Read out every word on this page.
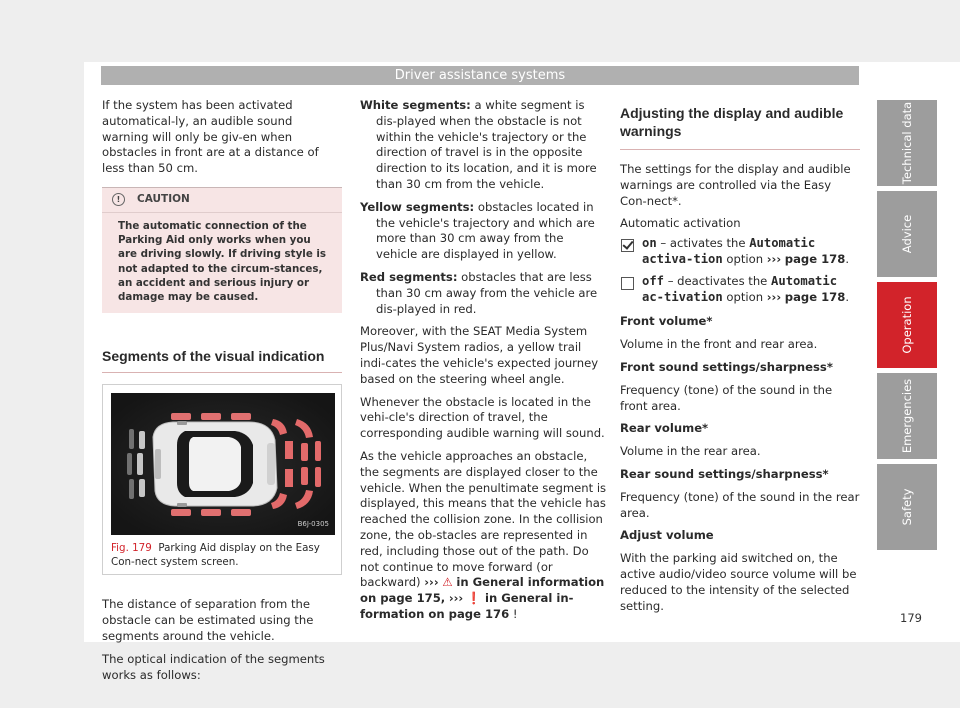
Driver assistance systems

If the system has been activated automatical-ly, an audible sound warning will only be giv-en when obstacles in front are at a distance of less than 50 cm.

!	CAUTION
The automatic connection of the Parking Aid only works when you are driving slowly. If driving style is not adapted to the circum-stances, an accident and serious injury or damage may be caused.
Segments of the visual indication
B6J-0305
Fig. 179 Parking Aid display on the Easy Con-nect system screen.

The distance of separation from the obstacle can be estimated using the segments around the vehicle.

The optical indication of the segments works as follows:

White segments: a white segment is dis-played when the obstacle is not within the vehicle's trajectory or the direction of travel is in the opposite direction to its location, and it is more than 30 cm from the vehicle.

Yellow segments: obstacles located in the vehicle's trajectory and which are more than 30 cm away from the vehicle are displayed in yellow.

Red segments: obstacles that are less than 30 cm away from the vehicle are dis-played in red.

Moreover, with the SEAT Media System Plus/Navi System radios, a yellow trail indi-cates the vehicle's expected journey based on the steering wheel angle.

Whenever the obstacle is located in the vehi-cle's direction of travel, the corresponding audible warning will sound.

As the vehicle approaches an obstacle, the segments are displayed closer to the vehicle. When the penultimate segment is displayed, this means that the vehicle has reached the collision zone. In the collision zone, the ob-stacles are represented in red, including those out of the path. Do not continue to move forward (or backward) ››› ⚠ in General information on page 175, ››› ❗ in General in-formation on page 176 !

Adjusting the display and audible warnings

The settings for the display and audible warnings are controlled via the Easy Con-nect*.

Automatic activation

on – activates the Automatic activa-tion option ››› page 178.
off – deactivates the Automatic ac-tivation option ››› page 178.

Front volume*

Volume in the front and rear area.

Front sound settings/sharpness*

Frequency (tone) of the sound in the front area.

Rear volume*

Volume in the rear area.

Rear sound settings/sharpness*

Frequency (tone) of the sound in the rear area.

Adjust volume

With the parking aid switched on, the active audio/video source volume will be reduced to the intensity of the selected setting.

Technical data
Advice
Operation
Emergencies
Safety
179
